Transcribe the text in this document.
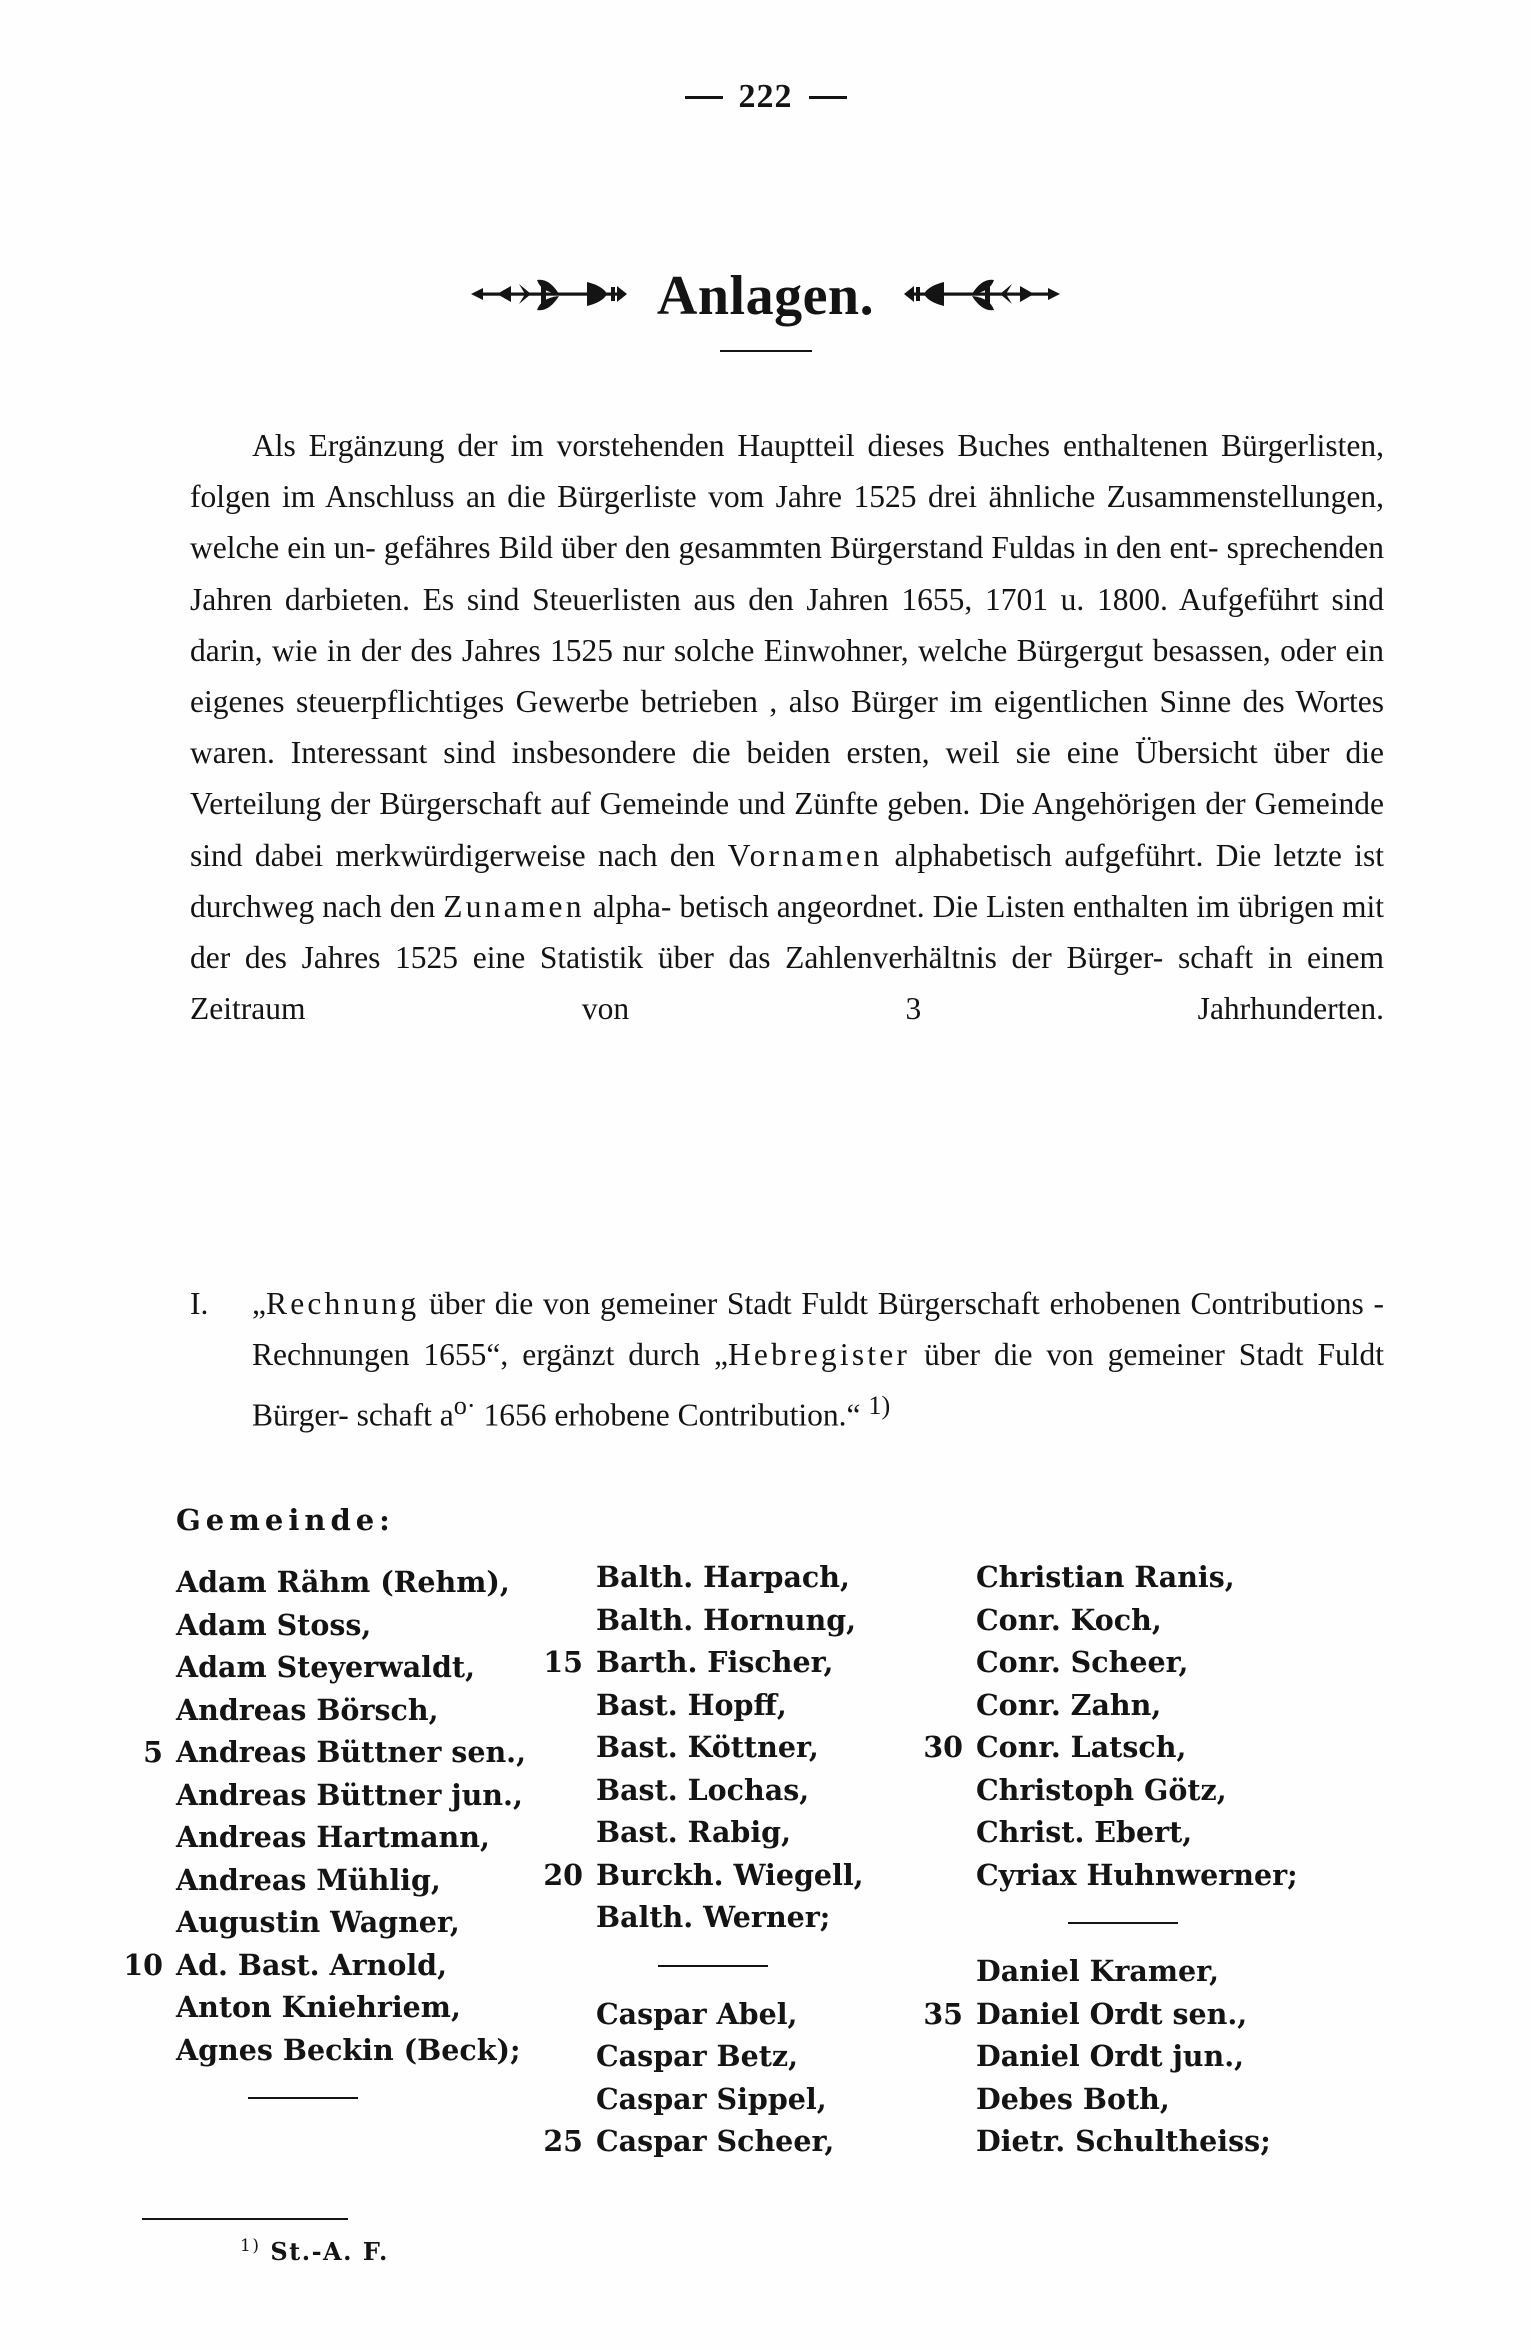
222
Anlagen.

Als Ergänzung der im vorstehenden Hauptteil dieses Buches enthaltenen Bürgerlisten, folgen im Anschluss an die Bürgerliste vom Jahre 1525 drei ähnliche Zusammenstellungen, welche ein un- gefähres Bild über den gesammten Bürgerstand Fuldas in den ent- sprechenden Jahren darbieten. Es sind Steuerlisten aus den Jahren 1655, 1701 u. 1800. Aufgeführt sind darin, wie in der des Jahres 1525 nur solche Einwohner, welche Bürgergut besassen, oder ein eigenes steuerpflichtiges Gewerbe betrieben , also Bürger im eigentlichen Sinne des Wortes waren. Interessant sind insbesondere die beiden ersten, weil sie eine Übersicht über die Verteilung der Bürgerschaft auf Gemeinde und Zünfte geben. Die Angehörigen der Gemeinde sind dabei merkwürdigerweise nach den Vornamen alphabetisch aufgeführt. Die letzte ist durchweg nach den Zunamen alpha- betisch angeordnet. Die Listen enthalten im übrigen mit der des Jahres 1525 eine Statistik über das Zahlenverhältnis der Bürger- schaft in einem Zeitraum von 3 Jahrhunderten.

I.	„Rechnung über die von gemeiner Stadt Fuldt Bürgerschaft erhobenen Contributions - Rechnungen 1655“, ergänzt durch „Hebregister über die von gemeiner Stadt Fuldt Bürger- schaft $a^{o\cdot}$ 1656 erhobene Contribution.“ $^{1)}$
Gemeinde:
Adam Rähm (Rehm),
Adam Stoss,
Adam Steyerwaldt,
Andreas Börsch,
5 Andreas Büttner sen.,
Andreas Büttner jun.,
Andreas Hartmann,
Andreas Mühlig,
Augustin Wagner,
10 Ad. Bast. Arnold,
Anton Kniehriem,
Agnes Beckin (Beck);
Balth. Harpach,
Balth. Hornung,
15 Barth. Fischer,
Bast. Hopff,
Bast. Köttner,
Bast. Lochas,
Bast. Rabig,
20 Burckh. Wiegell,
Balth. Werner;
Caspar Abel,
Caspar Betz,
Caspar Sippel,
25 Caspar Scheer,
Christian Ranis,
Conr. Koch,
Conr. Scheer,
Conr. Zahn,
30 Conr. Latsch,
Christoph Götz,
Christ. Ebert,
Cyriax Huhnwerner;
Daniel Kramer,
35 Daniel Ordt sen.,
Daniel Ordt jun.,
Debes Both,
Dietr. Schultheiss;
$^{1)}$ St.-A. F.
